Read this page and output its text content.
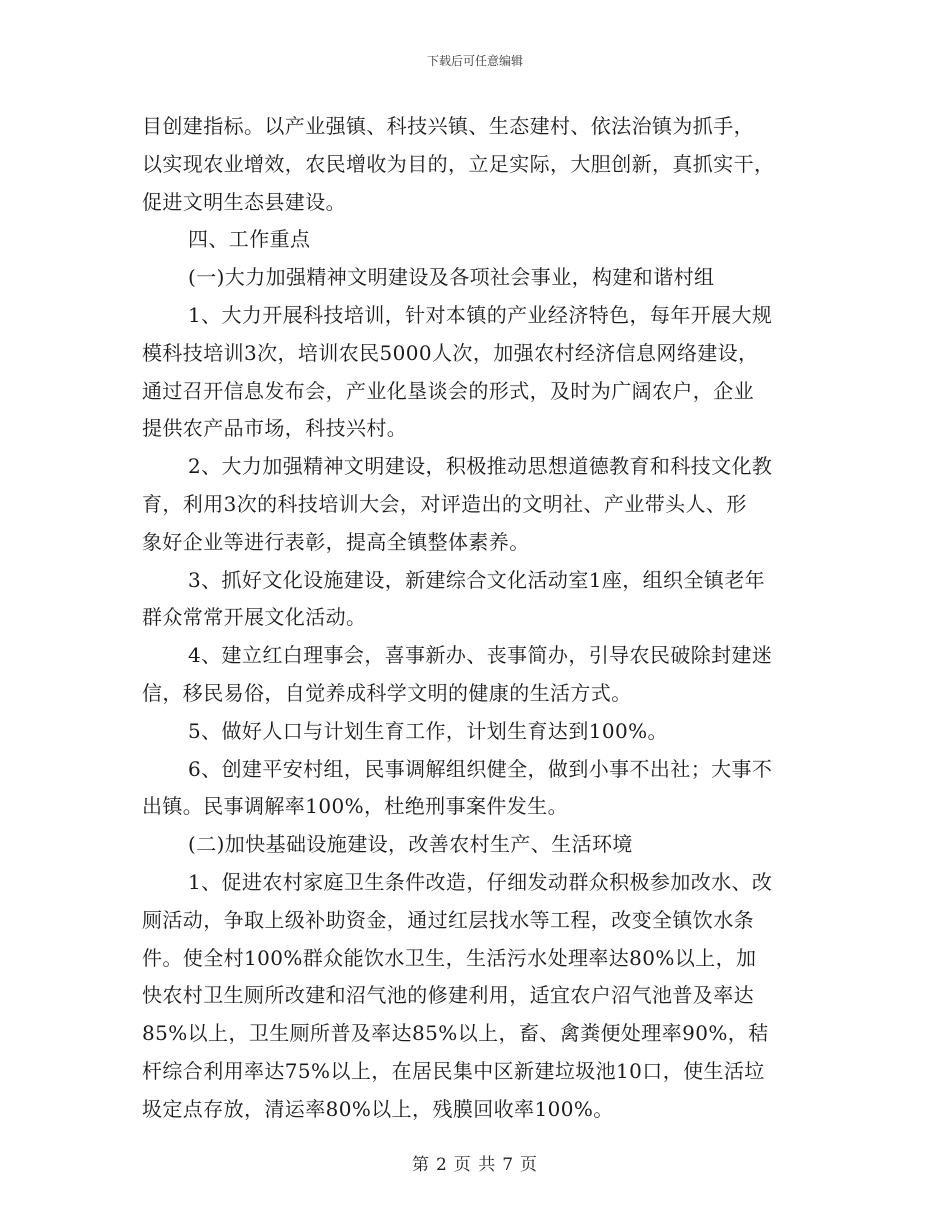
下载后可任意编辑
目创建指标。以产业强镇、科技兴镇、生态建村、依法治镇为抓手，
以实现农业增效，农民增收为目的，立足实际，大胆创新，真抓实干，
促进文明生态县建设。
四、工作重点
(一)大力加强精神文明建设及各项社会事业，构建和谐村组
1、大力开展科技培训，针对本镇的产业经济特色，每年开展大规
模科技培训3次，培训农民5000人次，加强农村经济信息网络建设，
通过召开信息发布会，产业化垦谈会的形式，及时为广阔农户，企业
提供农产品市场，科技兴村。
2、大力加强精神文明建设，积极推动思想道德教育和科技文化教
育，利用3次的科技培训大会，对评造出的文明社、产业带头人、形
象好企业等进行表彰，提高全镇整体素养。
3、抓好文化设施建设，新建综合文化活动室1座，组织全镇老年
群众常常开展文化活动。
4、建立红白理事会，喜事新办、丧事简办，引导农民破除封建迷
信，移民易俗，自觉养成科学文明的健康的生活方式。
5、做好人口与计划生育工作，计划生育达到100%。
6、创建平安村组，民事调解组织健全，做到小事不出社；大事不
出镇。民事调解率100%，杜绝刑事案件发生。
(二)加快基础设施建设，改善农村生产、生活环境
1、促进农村家庭卫生条件改造，仔细发动群众积极参加改水、改
厕活动，争取上级补助资金，通过红层找水等工程，改变全镇饮水条
件。使全村100%群众能饮水卫生，生活污水处理率达80%以上，加
快农村卫生厕所改建和沼气池的修建利用，适宜农户沼气池普及率达
85%以上，卫生厕所普及率达85%以上，畜、禽粪便处理率90%，秸
杆综合利用率达75%以上，在居民集中区新建垃圾池10口，使生活垃
圾定点存放，清运率80%以上，残膜回收率100%。
第 2 页 共 7 页
